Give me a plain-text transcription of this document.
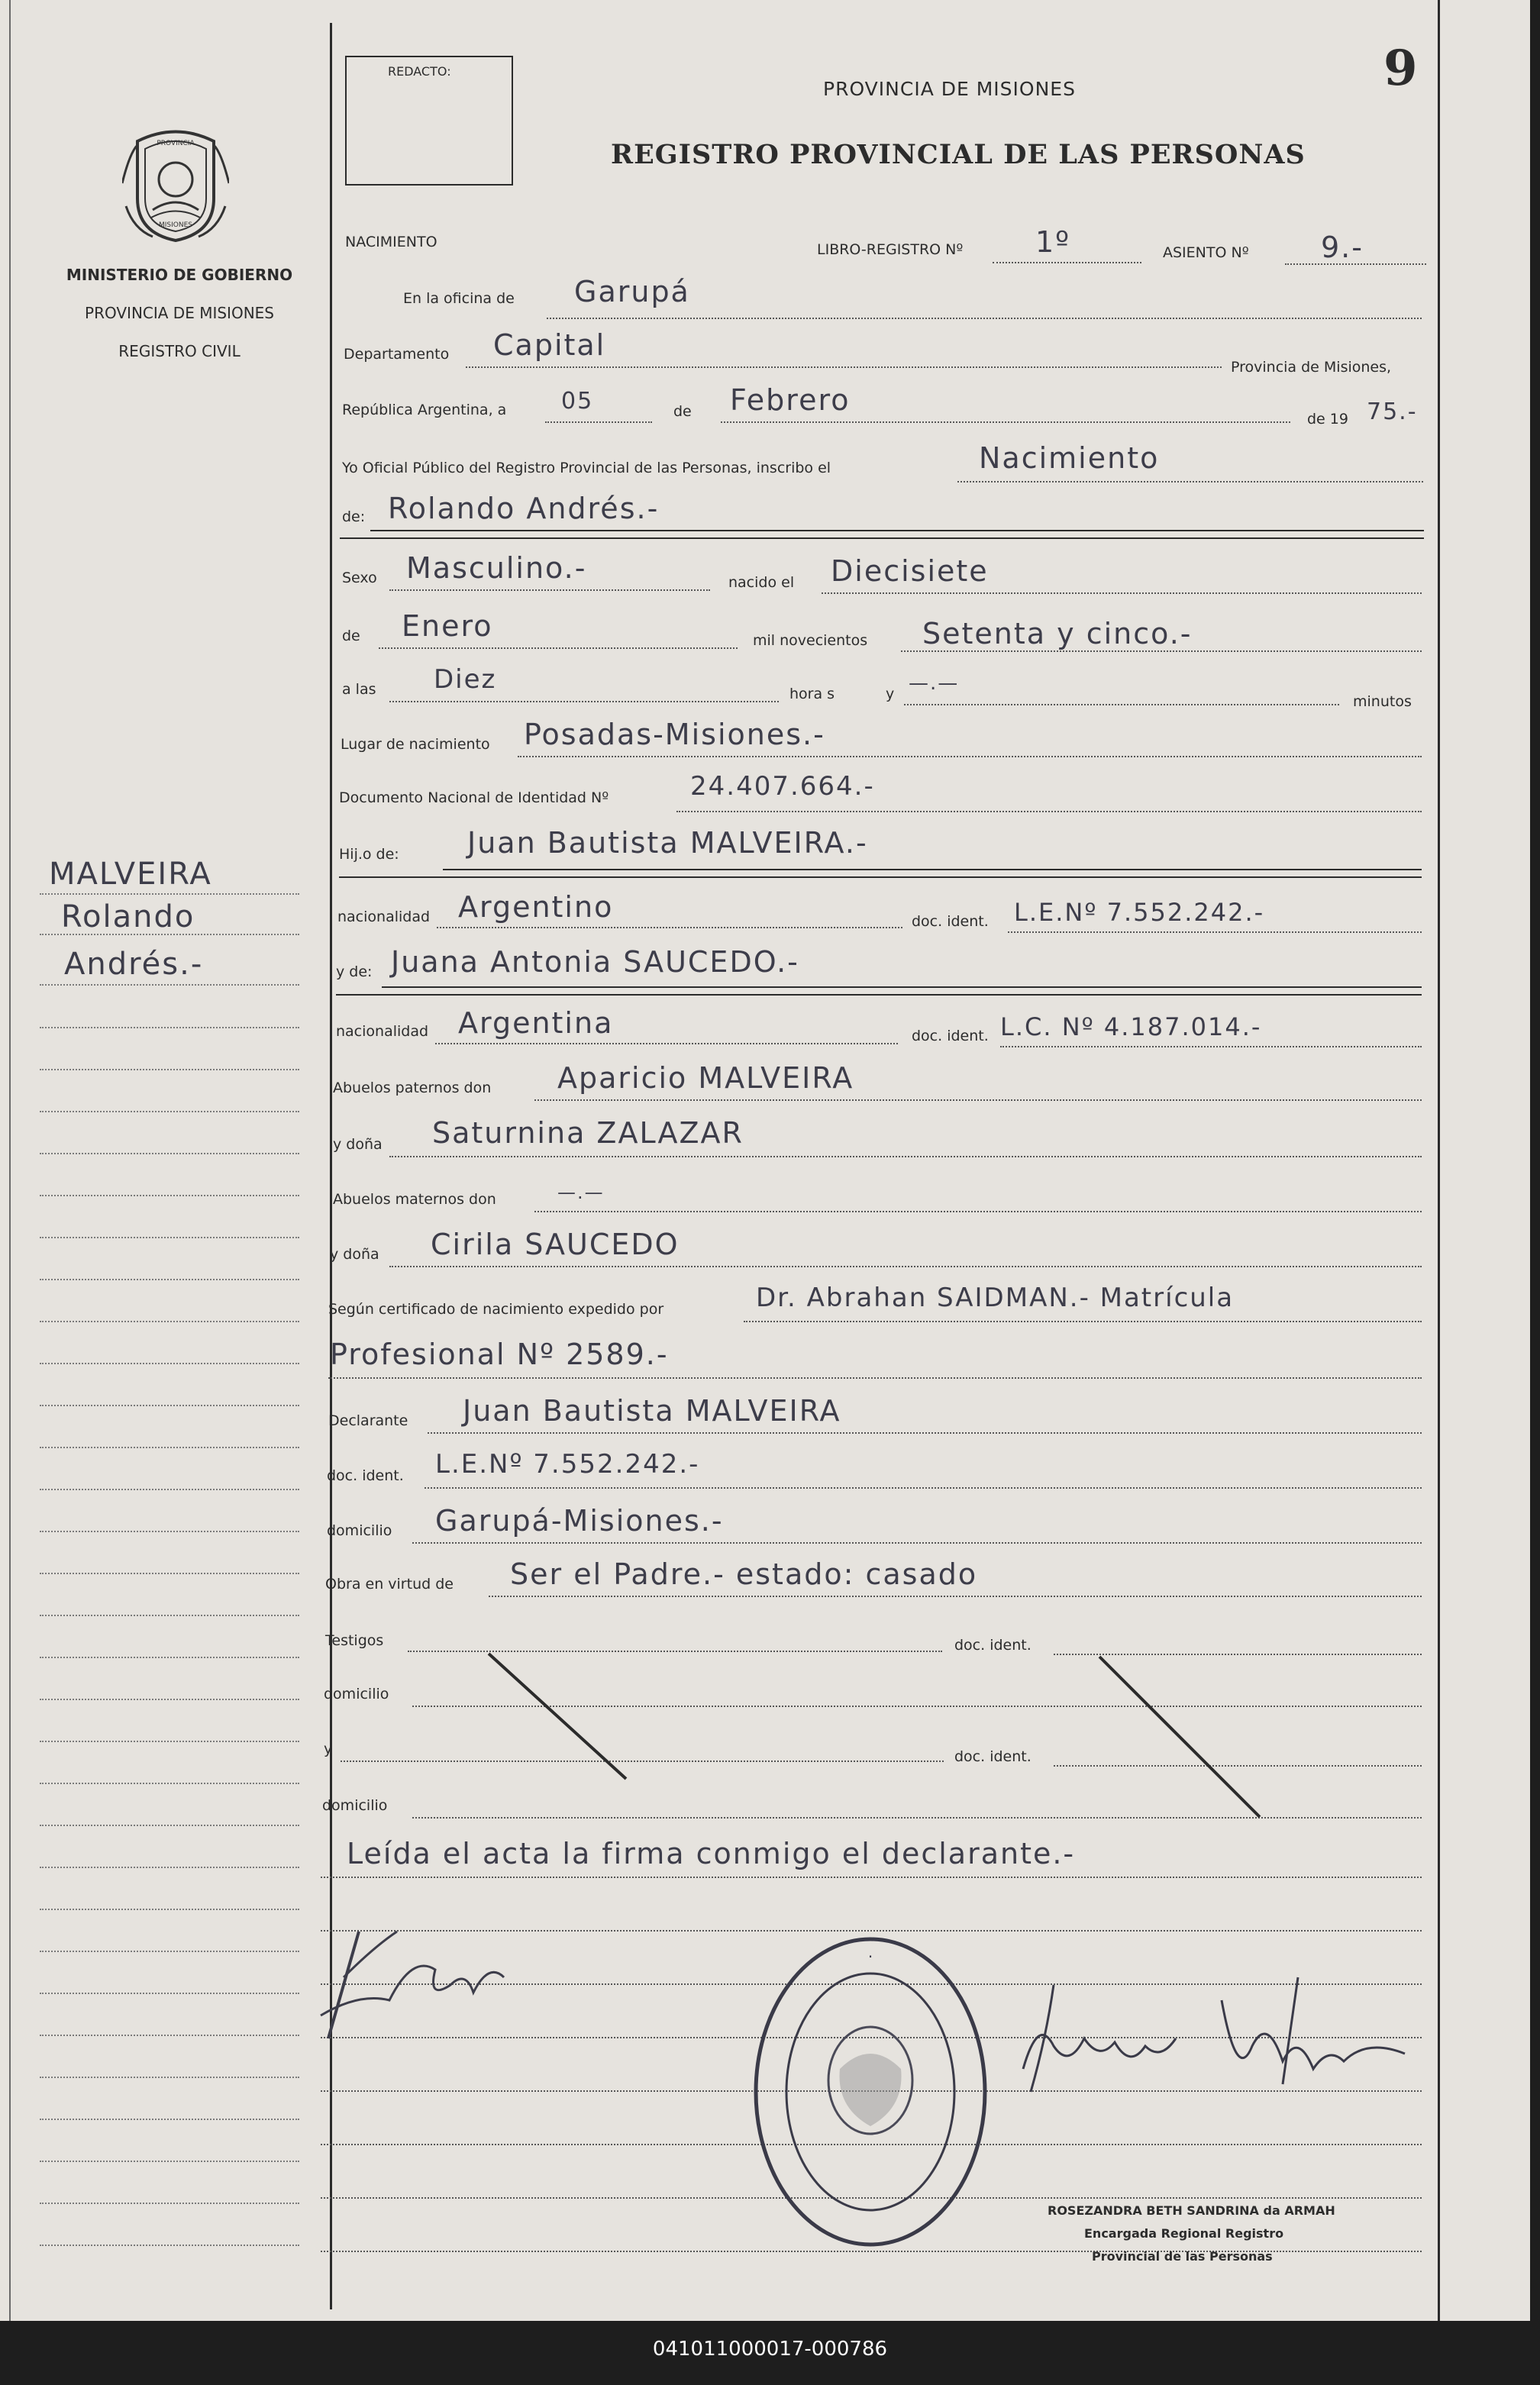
REDACTO:
PROVINCIA DE MISIONES
REGISTRO PROVINCIAL DE LAS PERSONAS
9
PROVINCIA
MISIONES
MINISTERIO DE GOBIERNO
PROVINCIA DE MISIONES
REGISTRO CIVIL
MALVEIRA
Rolando
Andrés.-
NACIMIENTO	LIBRO-REGISTRO Nº 1º	ASIENTO Nº 9.-
En la oficina de Garupá
Departamento Capital
Provincia de Misiones,
República Argentina, a 05	de Febrero
de 19 75.-
Yo Oficial Público del Registro Provincial de las Personas, inscribo el	Nacimiento
de: Rolando Andrés.-
Sexo Masculino.-	nacido el Diecisiete
de Enero	mil novecientos Setenta y cinco.-
a las Diez	hora s	y —.—
minutos
Lugar de nacimiento Posadas-Misiones.-
Documento Nacional de Identidad Nº	24.407.664.-
Hij.o de: Juan Bautista MALVEIRA.-
nacionalidad Argentino	doc. ident. L.E.Nº 7.552.242.-
y de: Juana Antonia SAUCEDO.-
nacionalidad Argentina	doc. ident. L.C. Nº 4.187.014.-
Abuelos paternos don Aparicio MALVEIRA
y doña Saturnina ZALAZAR
Abuelos maternos don	—.—
y doña Cirila SAUCEDO
Según certificado de nacimiento expedido por	Dr. Abrahan SAIDMAN.- Matrícula
Profesional Nº 2589.-
Declarante Juan Bautista MALVEIRA
doc. ident. L.E.Nº 7.552.242.-
domicilio Garupá-Misiones.-
Obra en virtud de Ser el Padre.- estado: casado
Testigos	doc. ident.
domicilio
y	doc. ident.
domicilio
Leída el acta la firma conmigo el declarante.-
·
ROSEZANDRA BETH SANDRINA da ARMAH
Encargada Regional Registro
Provincial de las Personas
041011000017-000786
